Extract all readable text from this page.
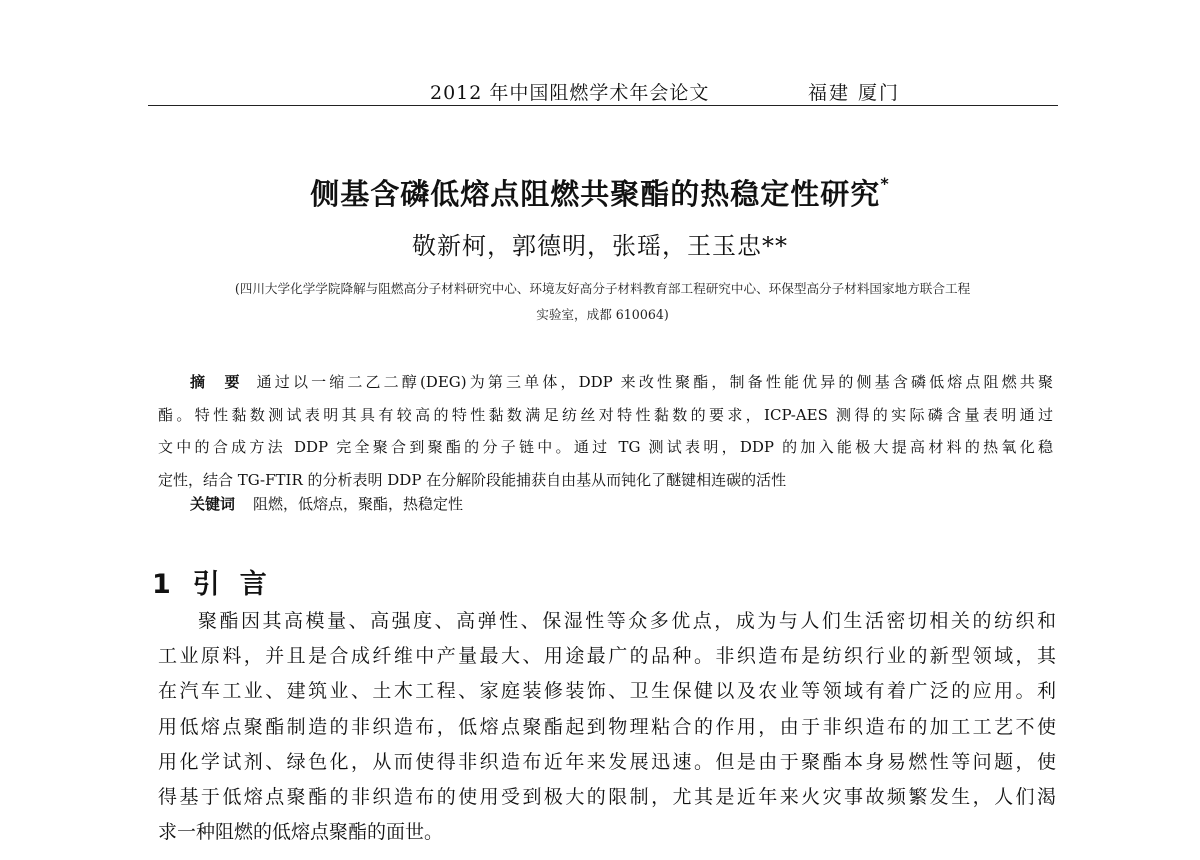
2012 年中国阻燃学术年会论文	福建 厦门
侧基含磷低熔点阻燃共聚酯的热稳定性研究*
敬新柯，郭德明，张瑶，王玉忠**
(四川大学化学学院降解与阻燃高分子材料研究中心、环境友好高分子材料教育部工程研究中心、环保型高分子材料国家地方联合工程
实验室，成都 610064)
摘 要 通过以一缩二乙二醇(DEG)为第三单体，DDP 来改性聚酯，制备性能优异的侧基含磷低熔点阻燃共聚
酯。特性黏数测试表明其具有较高的特性黏数满足纺丝对特性黏数的要求，ICP-AES 测得的实际磷含量表明通过
文中的合成方法 DDP 完全聚合到聚酯的分子链中。通过 TG 测试表明，DDP 的加入能极大提高材料的热氧化稳
定性，结合 TG-FTIR 的分析表明 DDP 在分解阶段能捕获自由基从而钝化了醚键相连碳的活性
关键词 阻燃，低熔点，聚酯，热稳定性
1 引言
聚酯因其高模量、高强度、高弹性、保湿性等众多优点，成为与人们生活密切相关的纺织和
工业原料，并且是合成纤维中产量最大、用途最广的品种。非织造布是纺织行业的新型领域，其
在汽车工业、建筑业、土木工程、家庭装修装饰、卫生保健以及农业等领域有着广泛的应用。利
用低熔点聚酯制造的非织造布，低熔点聚酯起到物理粘合的作用，由于非织造布的加工工艺不使
用化学试剂、绿色化，从而使得非织造布近年来发展迅速。但是由于聚酯本身易燃性等问题，使
得基于低熔点聚酯的非织造布的使用受到极大的限制，尤其是近年来火灾事故频繁发生，人们渴
求一种阻燃的低熔点聚酯的面世。
